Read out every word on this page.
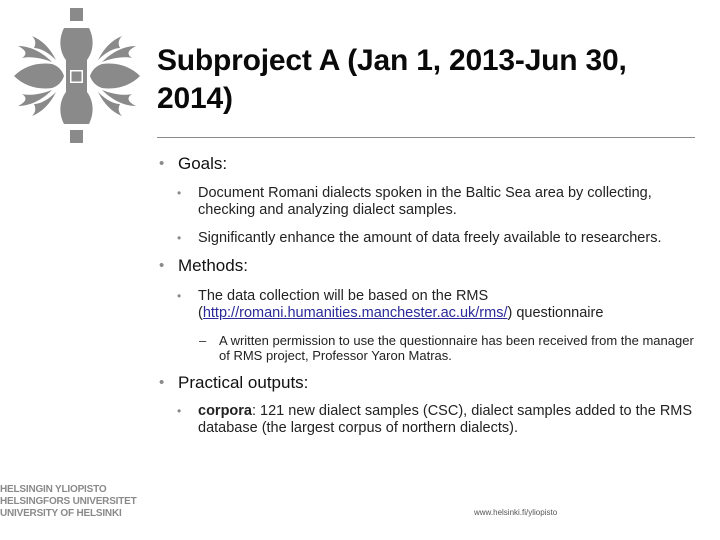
Subproject A (Jan 1, 2013-Jun 30, 2014)
• Goals:
• Document Romani dialects spoken in the Baltic Sea area by collecting, checking and analyzing dialect samples.
• Significantly enhance the amount of data freely available to researchers.
• Methods:
• The data collection will be based on the RMS (http://romani.humanities.manchester.ac.uk/rms/) questionnaire
– A written permission to use the questionnaire has been received from the manager of RMS project, Professor Yaron Matras.
• Practical outputs:
• corpora: 121 new dialect samples (CSC), dialect samples added to the RMS database (the largest corpus of northern dialects).
HELSINGIN YLIOPISTO
HELSINGFORS UNIVERSITET
UNIVERSITY OF HELSINKI	www.helsinki.fi/yliopisto
